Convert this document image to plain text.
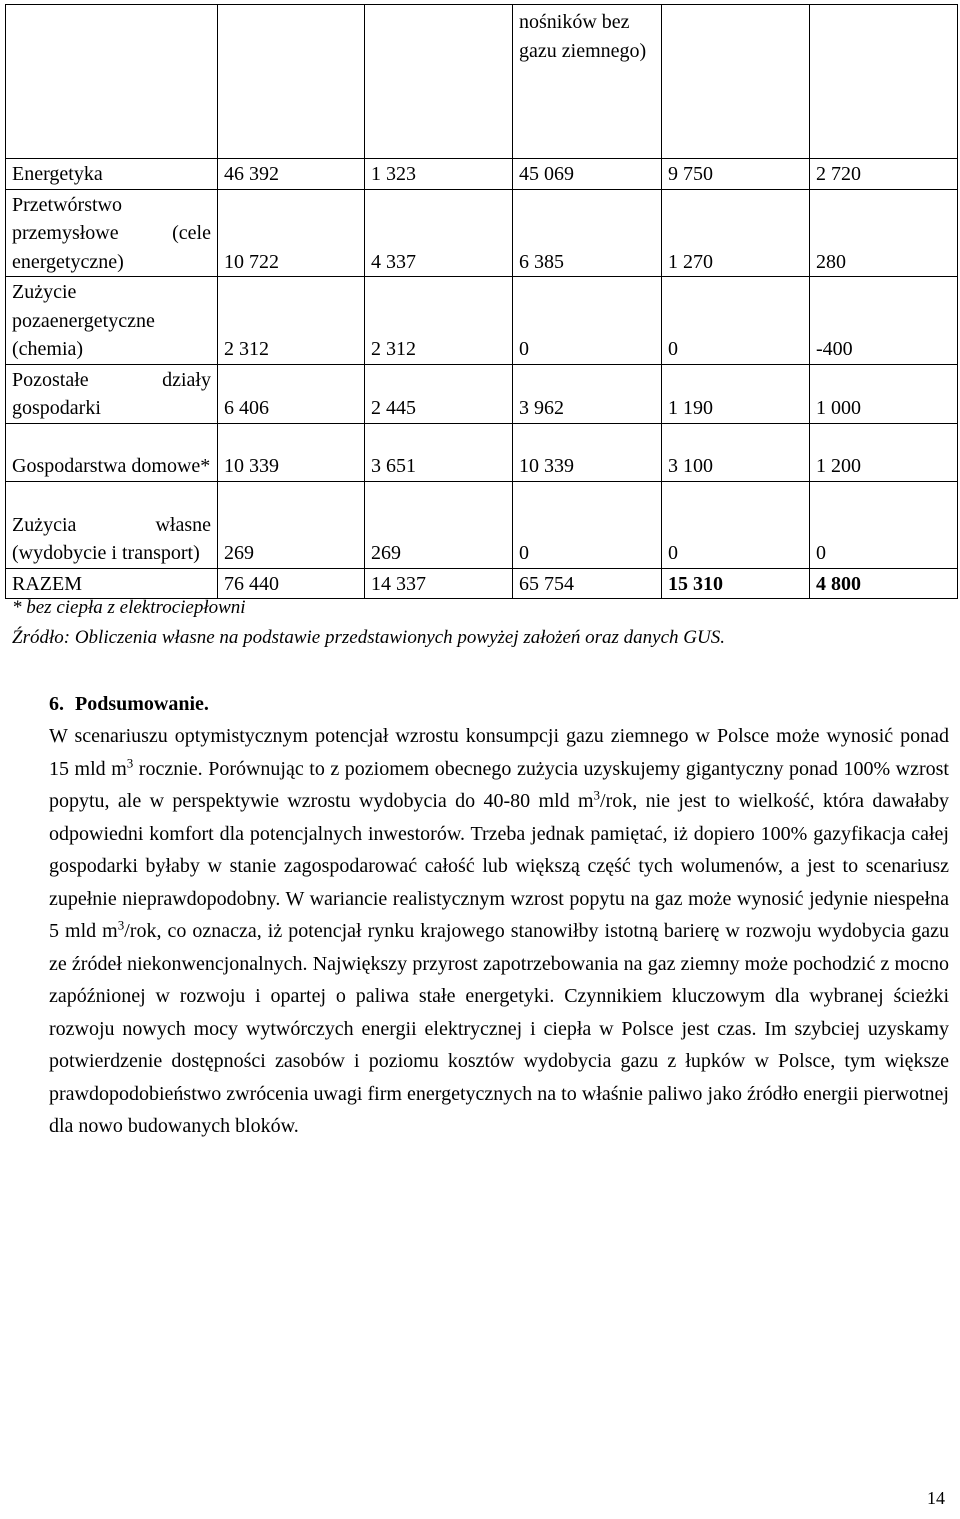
			nośników bez gazu ziemnego)		
Energetyka	46 392	1 323	45 069	9 750	2 720
Przetwórstwo przemysłowe (cele energetyczne)	10 722	4 337	6 385	1 270	280
Zużycie pozaenergetyczne (chemia)	2 312	2 312	0	0	-400
Pozostałe działy gospodarki	6 406	2 445	3 962	1 190	1 000
Gospodarstwa domowe*	10 339	3 651	10 339	3 100	1 200
Zużycia własne (wydobycie i transport)	269	269	0	0	0
RAZEM	76 440	14 337	65 754	15 310	4 800
* bez ciepła z elektrociepłowni
Źródło: Obliczenia własne na podstawie przedstawionych powyżej założeń oraz danych GUS.
6. Podsumowanie.
W scenariuszu optymistycznym potencjał wzrostu konsumpcji gazu ziemnego w Polsce może wynosić ponad 15 mld $m^3$ rocznie. Porównując to z poziomem obecnego zużycia uzyskujemy gigantyczny ponad 100% wzrost popytu, ale w perspektywie wzrostu wydobycia do 40-80 mld $m^3$/rok, nie jest to wielkość, która dawałaby odpowiedni komfort dla potencjalnych inwestorów. Trzeba jednak pamiętać, iż dopiero 100% gazyfikacja całej gospodarki byłaby w stanie zagospodarować całość lub większą część tych wolumenów, a jest to scenariusz zupełnie nieprawdopodobny. W wariancie realistycznym wzrost popytu na gaz może wynosić jedynie niespełna 5 mld $m^3$/rok, co oznacza, iż potencjał rynku krajowego stanowiłby istotną barierę w rozwoju wydobycia gazu ze źródeł niekonwencjonalnych. Największy przyrost zapotrzebowania na gaz ziemny może pochodzić z mocno zapóźnionej w rozwoju i opartej o paliwa stałe energetyki. Czynnikiem kluczowym dla wybranej ścieżki rozwoju nowych mocy wytwórczych energii elektrycznej i ciepła w Polsce jest czas. Im szybciej uzyskamy potwierdzenie dostępności zasobów i poziomu kosztów wydobycia gazu z łupków w Polsce, tym większe prawdopodobieństwo zwrócenia uwagi firm energetycznych na to właśnie paliwo jako źródło energii pierwotnej dla nowo budowanych bloków.
14
